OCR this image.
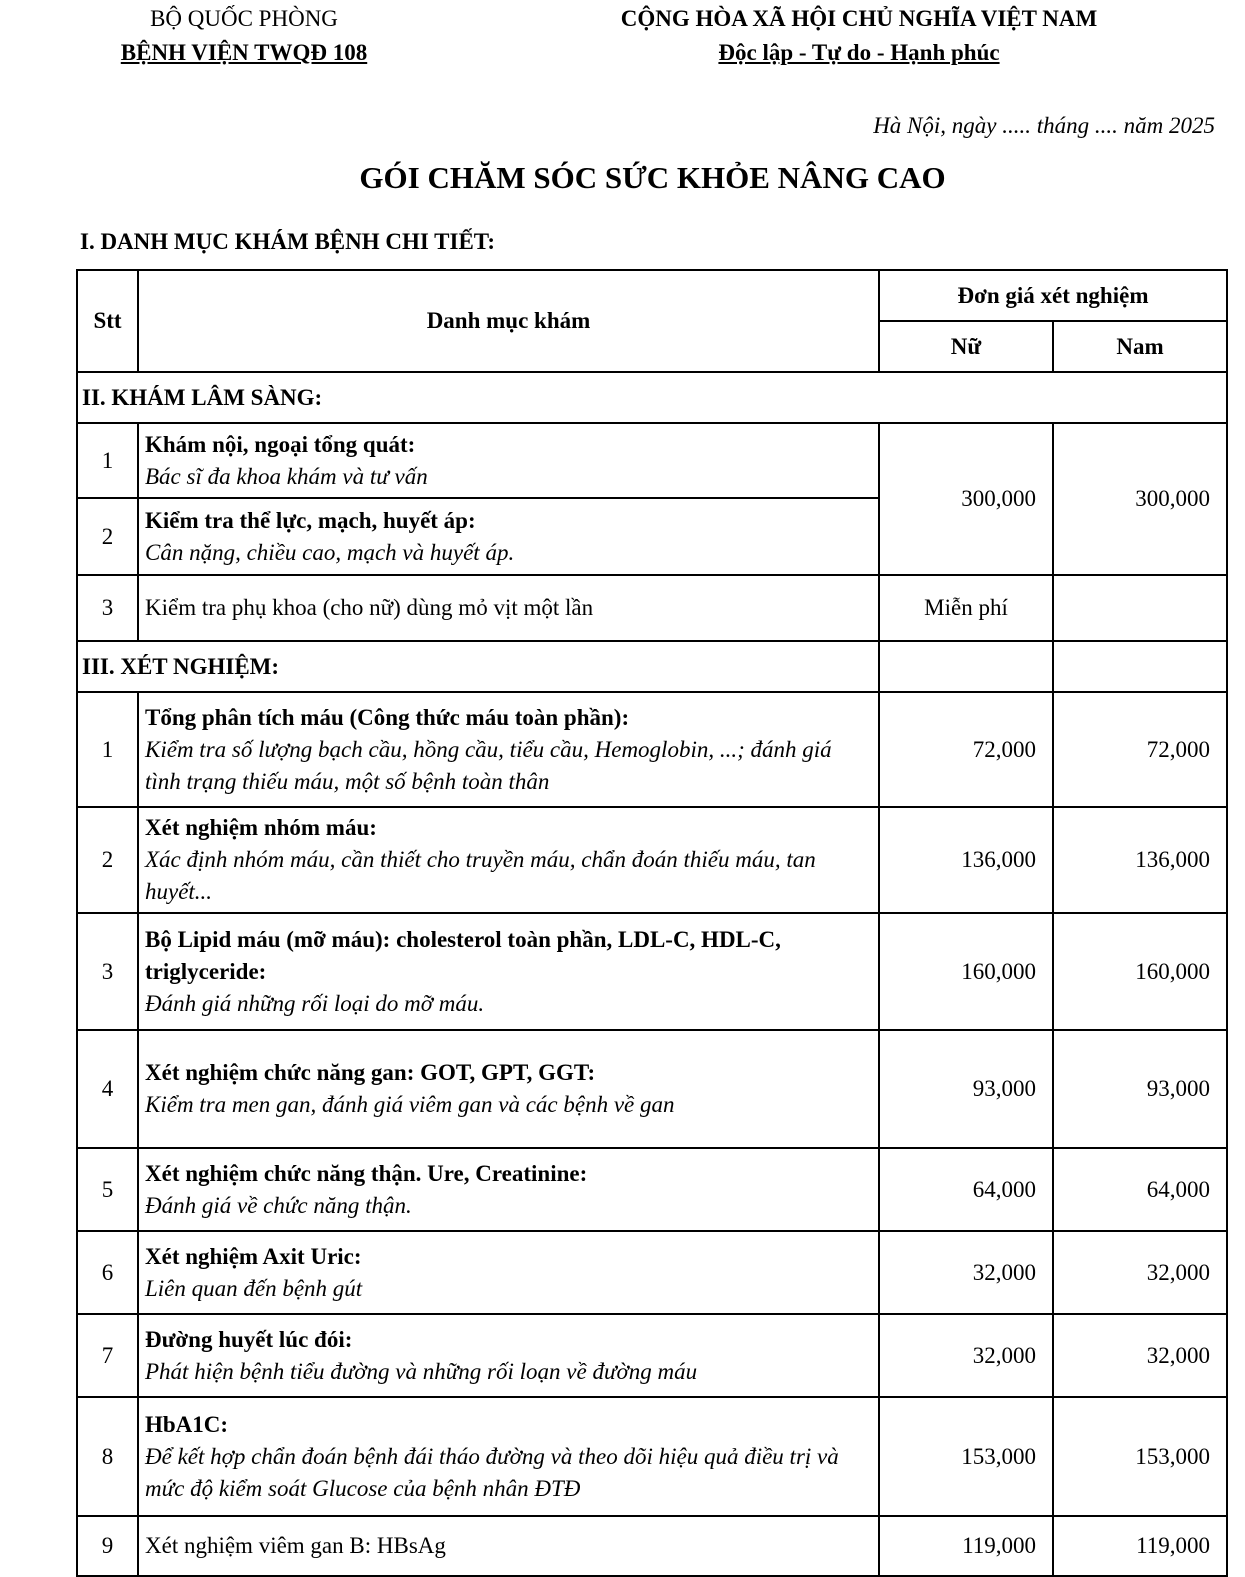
BỘ QUỐC PHÒNG
BỆNH VIỆN TWQĐ 108
CỘNG HÒA XÃ HỘI CHỦ NGHĨA VIỆT NAM
Độc lập - Tự do - Hạnh phúc
Hà Nội, ngày ..... tháng .... năm 2025
GÓI CHĂM SÓC SỨC KHỎE NÂNG CAO
I. DANH MỤC KHÁM BỆNH CHI TIẾT:
Stt	Danh mục khám	Đơn giá xét nghiệm	
		Nữ	Nam
II. KHÁM LÂM SÀNG:			
1	Khám nội, ngoại tổng quát:
Bác sĩ đa khoa khám và tư vấn	300,000	300,000
2	Kiểm tra thể lực, mạch, huyết áp:
Cân nặng, chiều cao, mạch và huyết áp.		

3	Kiểm tra phụ khoa (cho nữ) dùng mỏ vịt một lần	Miễn phí	
III. XÉT NGHIỆM:			
1	Tổng phân tích máu (Công thức máu toàn phần):
Kiểm tra số lượng bạch cầu, hồng cầu, tiểu cầu, Hemoglobin, ...; đánh giá tình trạng thiếu máu, một số bệnh toàn thân	72,000	72,000
2	Xét nghiệm nhóm máu:
Xác định nhóm máu, cần thiết cho truyền máu, chẩn đoán thiếu máu, tan huyết...	136,000	136,000
3	Bộ Lipid máu (mỡ máu): cholesterol toàn phần, LDL-C, HDL-C, triglyceride:
Đánh giá những rối loại do mỡ máu.	160,000	160,000
4	Xét nghiệm chức năng gan: GOT, GPT, GGT:
Kiểm tra men gan, đánh giá viêm gan và các bệnh về gan	93,000	93,000
5	Xét nghiệm chức năng thận. Ure, Creatinine:
Đánh giá về chức năng thận.	64,000	64,000
6	Xét nghiệm Axit Uric:
Liên quan đến bệnh gút	32,000	32,000
7	Đường huyết lúc đói:
Phát hiện bệnh tiểu đường và những rối loạn về đường máu	32,000	32,000
8	HbA1C:
Để kết hợp chẩn đoán bệnh đái tháo đường và theo dõi hiệu quả điều trị và mức độ kiểm soát Glucose của bệnh nhân ĐTĐ	153,000	153,000
9	Xét nghiệm viêm gan B: HBsAg	119,000	119,000
